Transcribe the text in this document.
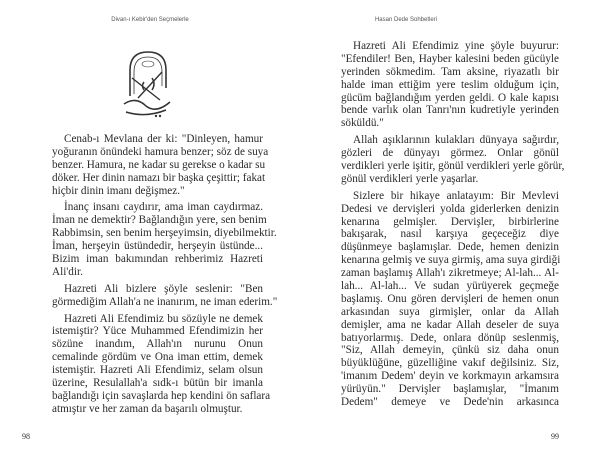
Divan-ı Kebir'den Seçmelerle
Cenab-ı Mevlana der ki: "Dinleyen, hamur
yoğuranın önündeki hamura benzer; söz de suya
benzer. Hamura, ne kadar su gerekse o kadar su
döker. Her dinin namazı bir başka çeşittir; fakat
hiçbir dinin imanı değişmez."
İnanç insanı caydırır, ama iman caydırmaz.
İman ne demektir? Bağlandığın yere, sen benim
Rabbimsin, sen benim herşeyimsin, diyebilmektir.
İman, herşeyin üstündedir, herşeyin üstünde...
Bizim iman bakımından rehberimiz Hazreti
Ali'dir.
Hazreti Ali bizlere şöyle seslenir: "Ben
görmediğim Allah'a ne inanırım, ne iman ederim."
Hazreti Ali Efendimiz bu sözüyle ne demek
istemiştir? Yüce Muhammed Efendimizin her
sözüne inandım, Allah'ın nurunu Onun
cemalinde gördüm ve Ona iman ettim, demek
istemiştir. Hazreti Ali Efendimiz, selam olsun
üzerine, Resulallah'a sıdk-ı bütün bir imanla
bağlandığı için savaşlarda hep kendini ön saflara
atmıştır ve her zaman da başarılı olmuştur.
98
Hasan Dede Sohbetleri
Hazreti Ali Efendimiz yine şöyle buyurur:
"Efendiler! Ben, Hayber kalesini beden gücüyle
yerinden sökmedim. Tam aksine, riyazatlı bir
halde iman ettiğim yere teslim olduğum için,
gücüm bağlandığım yerden geldi. O kale kapısı
bende varlık olan Tanrı'nın kudretiyle yerinden
söküldü."
Allah aşıklarının kulakları dünyaya sağırdır,
gözleri de dünyayı görmez. Onlar gönül
verdikleri yerle işitir, gönül verdikleri yerle görür,
gönül verdikleri yerle yaşarlar.
Sizlere bir hikaye anlatayım: Bir Mevlevi
Dedesi ve dervişleri yolda giderlerken denizin
kenarına gelmişler. Dervişler, birbirlerine
bakışarak, nasıl karşıya geçeceğiz diye
düşünmeye başlamışlar. Dede, hemen denizin
kenarına gelmiş ve suya girmiş, ama suya girdiği
zaman başlamış Allah'ı zikretmeye; Al-lah... Al-
lah... Al-lah... Ve sudan yürüyerek geçmeğe
başlamış. Onu gören dervişleri de hemen onun
arkasından suya girmişler, onlar da Allah
demişler, ama ne kadar Allah deseler de suya
batıyorlarmış. Dede, onlara dönüp seslenmiş,
"Siz, Allah demeyin, çünkü siz daha onun
büyüklüğüne, güzelliğine vakıf değilsiniz. Siz,
'imanım Dedem' deyin ve korkmayın arkamsıra
yürüyün." Dervişler başlamışlar, "İmanım
Dedem" demeye ve Dede'nin arkasınca
99
